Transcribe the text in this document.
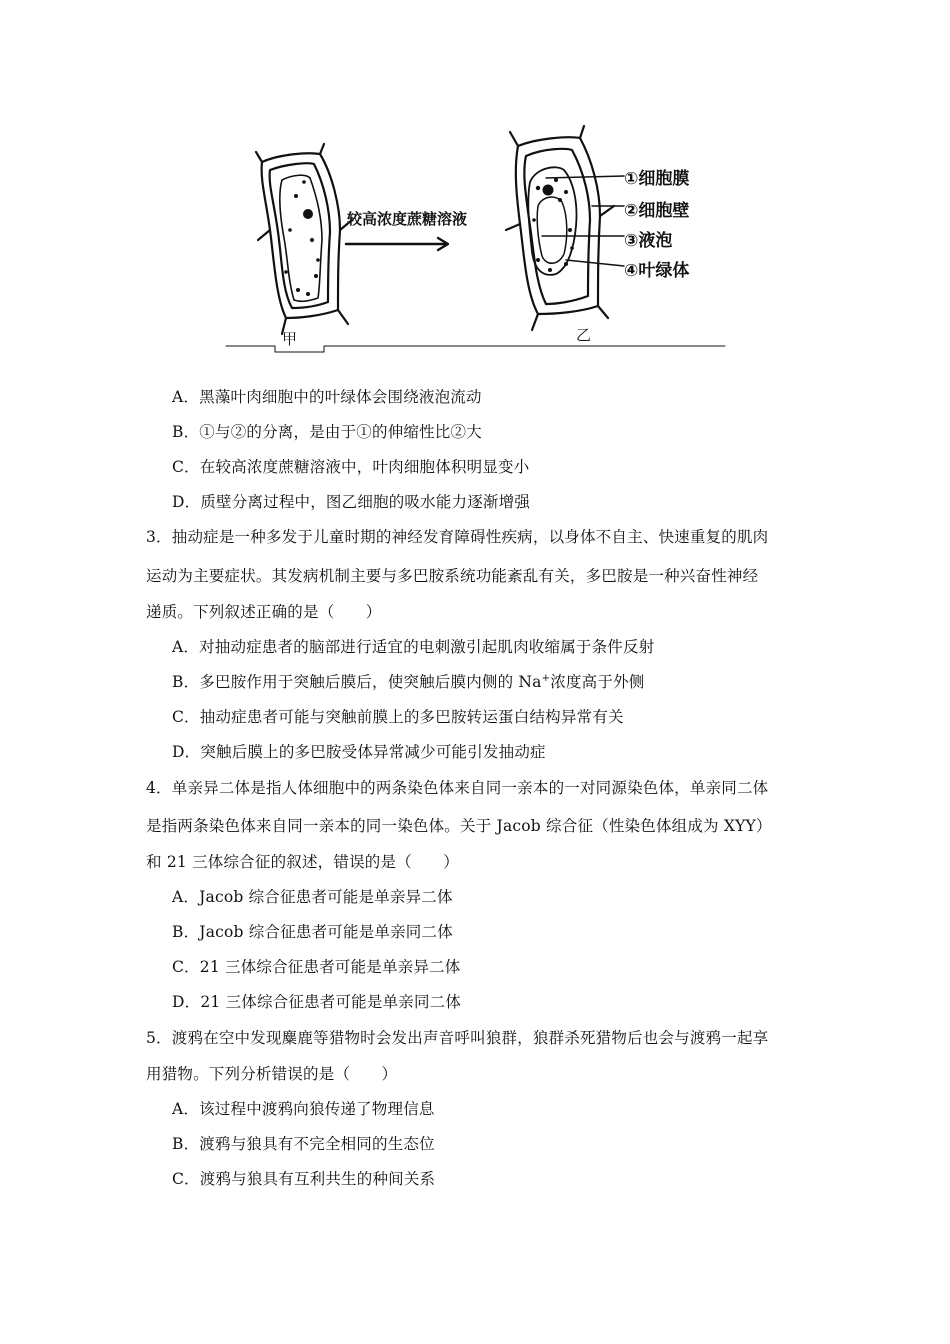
较高浓度蔗糖溶液
①细胞膜
②细胞壁
③液泡
④叶绿体
甲	乙
A．黑藻叶肉细胞中的叶绿体会围绕液泡流动
B．①与②的分离，是由于①的伸缩性比②大
C．在较高浓度蔗糖溶液中，叶肉细胞体积明显变小
D．质壁分离过程中，图乙细胞的吸水能力逐渐增强
3．抽动症是一种多发于儿童时期的神经发育障碍性疾病，以身体不自主、快速重复的肌肉
运动为主要症状。其发病机制主要与多巴胺系统功能紊乱有关，多巴胺是一种兴奋性神经
递质。下列叙述正确的是（　　）
A．对抽动症患者的脑部进行适宜的电刺激引起肌肉收缩属于条件反射
B．多巴胺作用于突触后膜后，使突触后膜内侧的 Na+浓度高于外侧
C．抽动症患者可能与突触前膜上的多巴胺转运蛋白结构异常有关
D．突触后膜上的多巴胺受体异常减少可能引发抽动症
4．单亲异二体是指人体细胞中的两条染色体来自同一亲本的一对同源染色体，单亲同二体
是指两条染色体来自同一亲本的同一染色体。关于 Jacob 综合征（性染色体组成为 XYY）
和 21 三体综合征的叙述，错误的是（　　）
A．Jacob 综合征患者可能是单亲异二体
B．Jacob 综合征患者可能是单亲同二体
C．21 三体综合征患者可能是单亲异二体
D．21 三体综合征患者可能是单亲同二体
5．渡鸦在空中发现麋鹿等猎物时会发出声音呼叫狼群，狼群杀死猎物后也会与渡鸦一起享
用猎物。下列分析错误的是（　　）
A．该过程中渡鸦向狼传递了物理信息
B．渡鸦与狼具有不完全相同的生态位
C．渡鸦与狼具有互利共生的种间关系
